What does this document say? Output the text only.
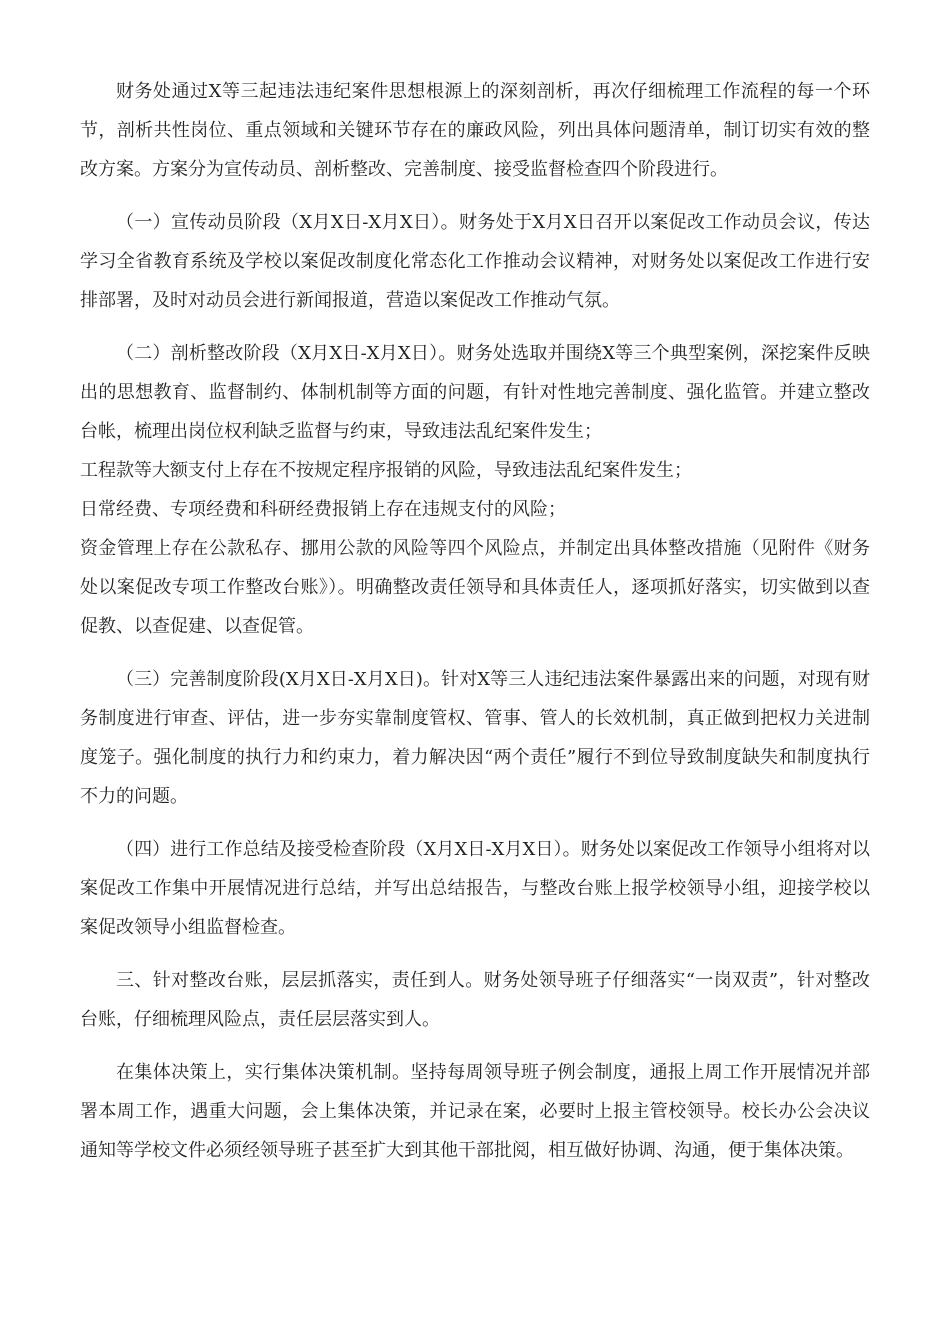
财务处通过X等三起违法违纪案件思想根源上的深刻剖析，再次仔细梳理工作流程的每一个环节，剖析共性岗位、重点领域和关键环节存在的廉政风险，列出具体问题清单，制订切实有效的整改方案。方案分为宣传动员、剖析整改、完善制度、接受监督检查四个阶段进行。

（一）宣传动员阶段（X月X日-X月X日）。财务处于X月X日召开以案促改工作动员会议，传达学习全省教育系统及学校以案促改制度化常态化工作推动会议精神，对财务处以案促改工作进行安排部署，及时对动员会进行新闻报道，营造以案促改工作推动气氛。

（二）剖析整改阶段（X月X日-X月X日）。财务处选取并围绕X等三个典型案例，深挖案件反映出的思想教育、监督制约、体制机制等方面的问题，有针对性地完善制度、强化监管。并建立整改台帐，梳理出岗位权利缺乏监督与约束，导致违法乱纪案件发生；

工程款等大额支付上存在不按规定程序报销的风险，导致违法乱纪案件发生；

日常经费、专项经费和科研经费报销上存在违规支付的风险；

资金管理上存在公款私存、挪用公款的风险等四个风险点，并制定出具体整改措施（见附件《财务处以案促改专项工作整改台账》）。明确整改责任领导和具体责任人，逐项抓好落实，切实做到以查促教、以查促建、以查促管。

（三）完善制度阶段(X月X日-X月X日)。针对X等三人违纪违法案件暴露出来的问题，对现有财务制度进行审查、评估，进一步夯实靠制度管权、管事、管人的长效机制，真正做到把权力关进制度笼子。强化制度的执行力和约束力，着力解决因“两个责任”履行不到位导致制度缺失和制度执行不力的问题。

（四）进行工作总结及接受检查阶段（X月X日-X月X日）。财务处以案促改工作领导小组将对以案促改工作集中开展情况进行总结，并写出总结报告，与整改台账上报学校领导小组，迎接学校以案促改领导小组监督检查。

三、针对整改台账，层层抓落实，责任到人。财务处领导班子仔细落实“一岗双责”，针对整改台账，仔细梳理风险点，责任层层落实到人。

在集体决策上，实行集体决策机制。坚持每周领导班子例会制度，通报上周工作开展情况并部署本周工作，遇重大问题，会上集体决策，并记录在案，必要时上报主管校领导。校长办公会决议通知等学校文件必须经领导班子甚至扩大到其他干部批阅，相互做好协调、沟通，便于集体决策。
